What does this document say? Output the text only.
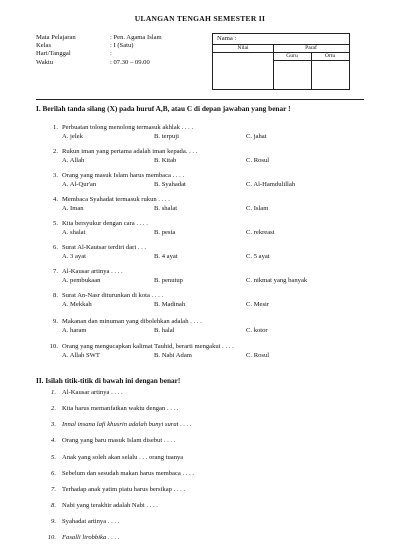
ULANGAN TENGAH SEMESTER II
Mata Pelajaran	: Pen. Agama Islam
Kelas	: I (Satu)
Hari/Tanggal	:
Waktu	: 07.30 – 09.00
Nama :
Nilai	Paraf
Guru	Ortu
I. Berilah tanda silang (X) pada huruf A,B, atau C di depan jawaban yang benar !
1. Perbuatan tolong menolong termasuk akhlak . . . .
A. jelek	B. terpuji	C. jahat
2. Rukun iman yang pertama adalah iman kepada. . . .
A. Allah	B. Kitab	C. Rosul
3. Orang yang masuk Islam harus membaca . . . .
A. Al-Qur'an	B. Syahadat	C. Al-Hamdulillah
4. Membaca Syahadat termasuk rukun . . . .
A. Iman	B. shalat	C. Islam
5. Kita bersyukur dengan cara . . . .
A. shalat	B. pesta	C. rekreasi
6. Surat Al-Kautsar terdiri dari . . .
A. 3 ayat	B. 4 ayat	C. 5 ayat
7. Al-Kausar artinya . . . .
A. pembukaan	B. penutup	C. nikmat yang banyak
8. Surat An-Nasr diturunkan di kota . . . .
A. Mekkah	B. Madinah	C. Mesir
9. Makanan dan minuman yang dibolehkan adalah . . . .
A. haram	B. halal	C. kotor
10. Orang yang mengucapkan kalimat Tauhid, berarti mengakui . . . .
A. Allah SWT	B. Nabi Adam	C. Rosul
II. Isilah titik-titik di bawah ini dengan benar!
1. Al-Kausar artinya . . . .
2. Kita harus memanfatkan waktu dengan . . . .
3. Innal insana lafi khusrin adalah bunyi surat . . . .
4. Orang yang baru masuk Islam disebut . . . .
5. Anak yang soleh akan selalu . . . orang tuanya
6. Sebelum dan sesudah makan harus membaca . . . .
7. Terhadap anak yatim piatu harus bersikap . . . .
8. Nabi yang terakhir adalah Nabi . . . .
9. Syahadat artinya . . . .
10. Fasalli lirobbika . . . .
